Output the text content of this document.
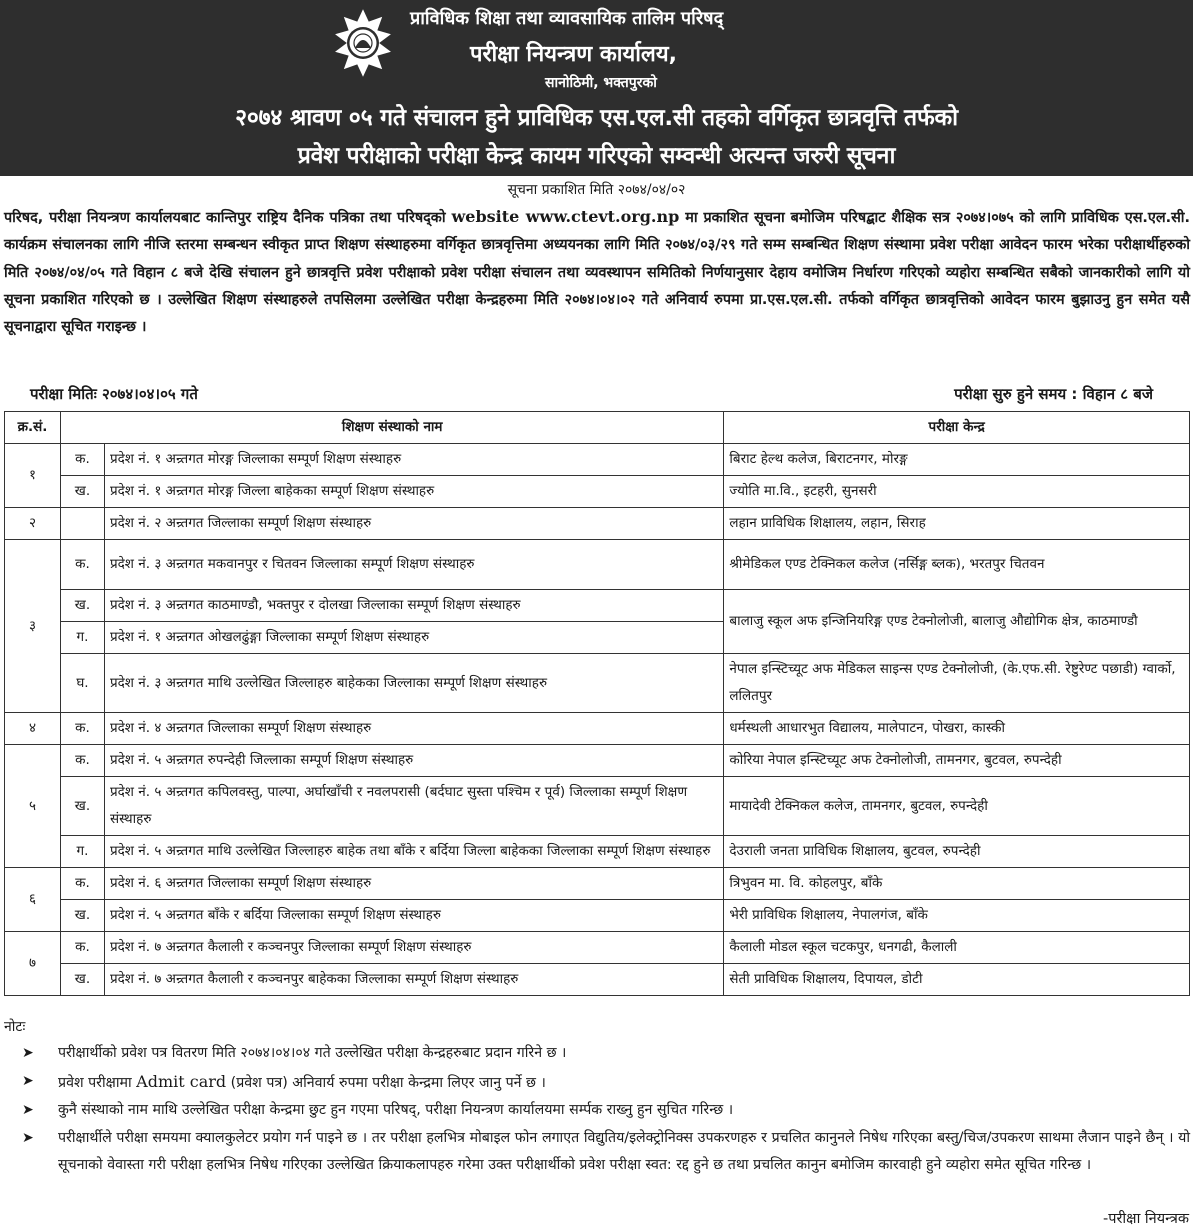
प्राविधिक शिक्षा तथा व्यावसायिक तालिम परिषद्
परीक्षा नियन्त्रण कार्यालय,
सानोठिमी, भक्तपुरको
२०७४ श्रावण ०५ गते संचालन हुने प्राविधिक एस.एल.सी तहको वर्गिकृत छात्रवृत्ति तर्फको
प्रवेश परीक्षाको परीक्षा केन्द्र कायम गरिएको सम्वन्धी अत्यन्त जरुरी सूचना
सूचना प्रकाशित मिति २०७४/०४/०२

परिषद, परीक्षा नियन्त्रण कार्यालयबाट कान्तिपुर राष्ट्रिय दैनिक पत्रिका तथा परिषद्को website www.ctevt.org.np मा प्रकाशित सूचना बमोजिम परिषद्बाट शैक्षिक सत्र २०७४।०७५ को लागि प्राविधिक एस.एल.सी. कार्यक्रम संचालनका लागि नीजि स्तरमा सम्बन्धन स्वीकृत प्राप्त शिक्षण संस्थाहरुमा वर्गिकृत छात्रवृत्तिमा अध्ययनका लागि मिति २०७४/०३/२९ गते सम्म सम्बन्धित शिक्षण संस्थामा प्रवेश परीक्षा आवेदन फारम भरेका परीक्षार्थीहरुको मिति २०७४/०४/०५ गते विहान ८ बजे देखि संचालन हुने छात्रवृत्ति प्रवेश परीक्षाको प्रवेश परीक्षा संचालन तथा व्यवस्थापन समितिको निर्णयानुसार देहाय वमोजिम निर्धारण गरिएको व्यहोरा सम्बन्धित सबैको जानकारीको लागि यो सूचना प्रकाशित गरिएको छ । उल्लेखित शिक्षण संस्थाहरुले तपसिलमा उल्लेखित परीक्षा केन्द्रहरुमा मिति २०७४।०४।०२ गते अनिवार्य रुपमा प्रा.एस.एल.सी. तर्फको वर्गिकृत छात्रवृत्तिको आवेदन फारम बुझाउनु हुन समेत यसै सूचनाद्वारा सूचित गराइन्छ ।

परीक्षा मितिः २०७४।०४।०५ गते	परीक्षा सुरु हुने समय : विहान ८ बजे
क्र.सं.	शिक्षण संस्थाको नाम		परीक्षा केन्द्र
१	क.	प्रदेश नं. १ अन्र्तगत मोरङ्ग जिल्लाका सम्पूर्ण शिक्षण संस्थाहरु	बिराट हेल्थ कलेज, बिराटनगर, मोरङ्ग
	ख.	प्रदेश नं. १ अन्र्तगत मोरङ्ग जिल्ला बाहेकका सम्पूर्ण शिक्षण संस्थाहरु	ज्योति मा.वि., इटहरी, सुनसरी
२		प्रदेश नं. २ अन्र्तगत जिल्लाका सम्पूर्ण शिक्षण संस्थाहरु	लहान प्राविधिक शिक्षालय, लहान, सिराह
३	क.	प्रदेश नं. ३ अन्र्तगत मकवानपुर र चितवन जिल्लाका सम्पूर्ण शिक्षण संस्थाहरु	श्रीमेडिकल एण्ड टेक्निकल कलेज (नर्सिङ्ग ब्लक), भरतपुर चितवन
	ख.	प्रदेश नं. ३ अन्र्तगत काठमाण्डौ, भक्तपुर र दोलखा जिल्लाका सम्पूर्ण शिक्षण संस्थाहरु	बालाजु स्कूल अफ इन्जिनियरिङ्ग एण्ड टेक्नोलोजी, बालाजु औद्योगिक क्षेत्र, काठमाण्डौ
	ग.	प्रदेश नं. १ अन्र्तगत ओखलढुंङ्गा जिल्लाका सम्पूर्ण शिक्षण संस्थाहरु	
	घ.	प्रदेश नं. ३ अन्र्तगत माथि उल्लेखित जिल्लाहरु बाहेकका जिल्लाका सम्पूर्ण शिक्षण संस्थाहरु	नेपाल इन्स्टिच्यूट अफ मेडिकल साइन्स एण्ड टेक्नोलोजी, (के.एफ.सी. रेष्टुरेण्ट पछाडी) ग्वार्को, ललितपुर
४	क.	प्रदेश नं. ४ अन्र्तगत जिल्लाका सम्पूर्ण शिक्षण संस्थाहरु	धर्मस्थली आधारभुत विद्यालय, मालेपाटन, पोखरा, कास्की
५	क.	प्रदेश नं. ५ अन्र्तगत रुपन्देही जिल्लाका सम्पूर्ण शिक्षण संस्थाहरु	कोरिया नेपाल इन्स्टिच्यूट अफ टेक्नोलोजी, तामनगर, बुटवल, रुपन्देही
	ख.	प्रदेश नं. ५ अन्र्तगत कपिलवस्तु, पाल्पा, अर्घाखाँची र नवलपरासी (बर्दघाट सुस्ता पश्चिम र पूर्व) जिल्लाका सम्पूर्ण शिक्षण संस्थाहरु	मायादेवी टेक्निकल कलेज, तामनगर, बुटवल, रुपन्देही
	ग.	प्रदेश नं. ५ अन्र्तगत माथि उल्लेखित जिल्लाहरु बाहेक तथा बाँके र बर्दिया जिल्ला बाहेकका जिल्लाका सम्पूर्ण शिक्षण संस्थाहरु	देउराली जनता प्राविधिक शिक्षालय, बुटवल, रुपन्देही
६	क.	प्रदेश नं. ६ अन्र्तगत जिल्लाका सम्पूर्ण शिक्षण संस्थाहरु	त्रिभुवन मा. वि. कोहलपुर, बाँके
	ख.	प्रदेश नं. ५ अन्र्तगत बाँके र बर्दिया जिल्लाका सम्पूर्ण शिक्षण संस्थाहरु	भेरी प्राविधिक शिक्षालय, नेपालगंज, बाँके
७	क.	प्रदेश नं. ७ अन्र्तगत कैलाली र कञ्चनपुर जिल्लाका सम्पूर्ण शिक्षण संस्थाहरु	कैलाली मोडल स्कूल चटकपुर, धनगढी, कैलाली
	ख.	प्रदेश नं. ७ अन्र्तगत कैलाली र कञ्चनपुर बाहेकका जिल्लाका सम्पूर्ण शिक्षण संस्थाहरु	सेती प्राविधिक शिक्षालय, दिपायल, डोटी
नोटः
➤	परीक्षार्थीको प्रवेश पत्र वितरण मिति २०७४।०४।०४ गते उल्लेखित परीक्षा केन्द्रहरुबाट प्रदान गरिने छ ।
➤	प्रवेश परीक्षामा Admit card (प्रवेश पत्र) अनिवार्य रुपमा परीक्षा केन्द्रमा लिएर जानु पर्ने छ ।
➤	कुनै संस्थाको नाम माथि उल्लेखित परीक्षा केन्द्रमा छुट हुन गएमा परिषद्, परीक्षा नियन्त्रण कार्यालयमा सर्म्पक राख्नु हुन सुचित गरिन्छ ।
➤	परीक्षार्थीले परीक्षा समयमा क्यालकुलेटर प्रयोग गर्न पाइने छ । तर परीक्षा हलभित्र मोबाइल फोन लगाएत विद्युतिय/इलेक्ट्रोनिक्स उपकरणहरु र प्रचलित कानुनले निषेध गरिएका बस्तु/चिज/उपकरण साथमा लैजान पाइने छैन् । यो सूचनाको वेवास्ता गरी परीक्षा हलभित्र निषेध गरिएका उल्लेखित क्रियाकलापहरु गरेमा उक्त परीक्षार्थीको प्रवेश परीक्षा स्वत: रद्द हुने छ तथा प्रचलित कानुन बमोजिम कारवाही हुने व्यहोरा समेत सूचित गरिन्छ ।
-परीक्षा नियन्त्रक
